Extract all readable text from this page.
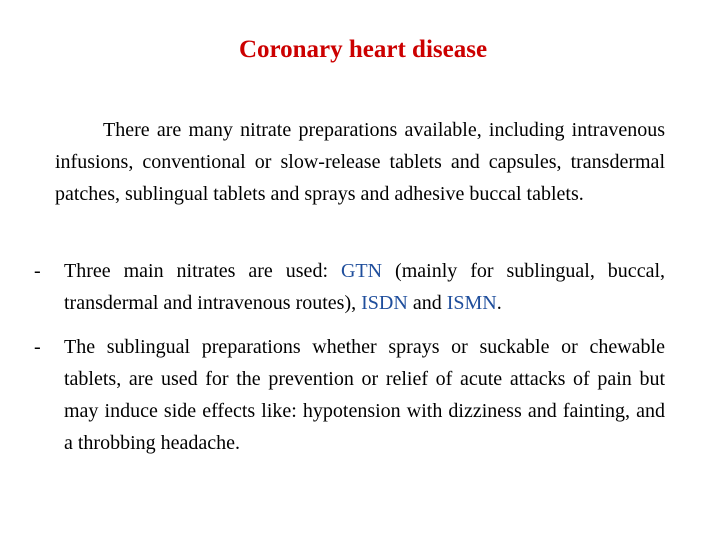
Coronary heart disease

There are many nitrate preparations available, including intravenous infusions, conventional or slow-release tablets and capsules, transdermal patches, sublingual tablets and sprays and adhesive buccal tablets.

- Three main nitrates are used: GTN (mainly for sublingual, buccal, transdermal and intravenous routes), ISDN and ISMN.

- The sublingual preparations whether sprays or suckable or chewable tablets, are used for the prevention or relief of acute attacks of pain but may induce side effects like: hypotension with dizziness and fainting, and a throbbing headache.
